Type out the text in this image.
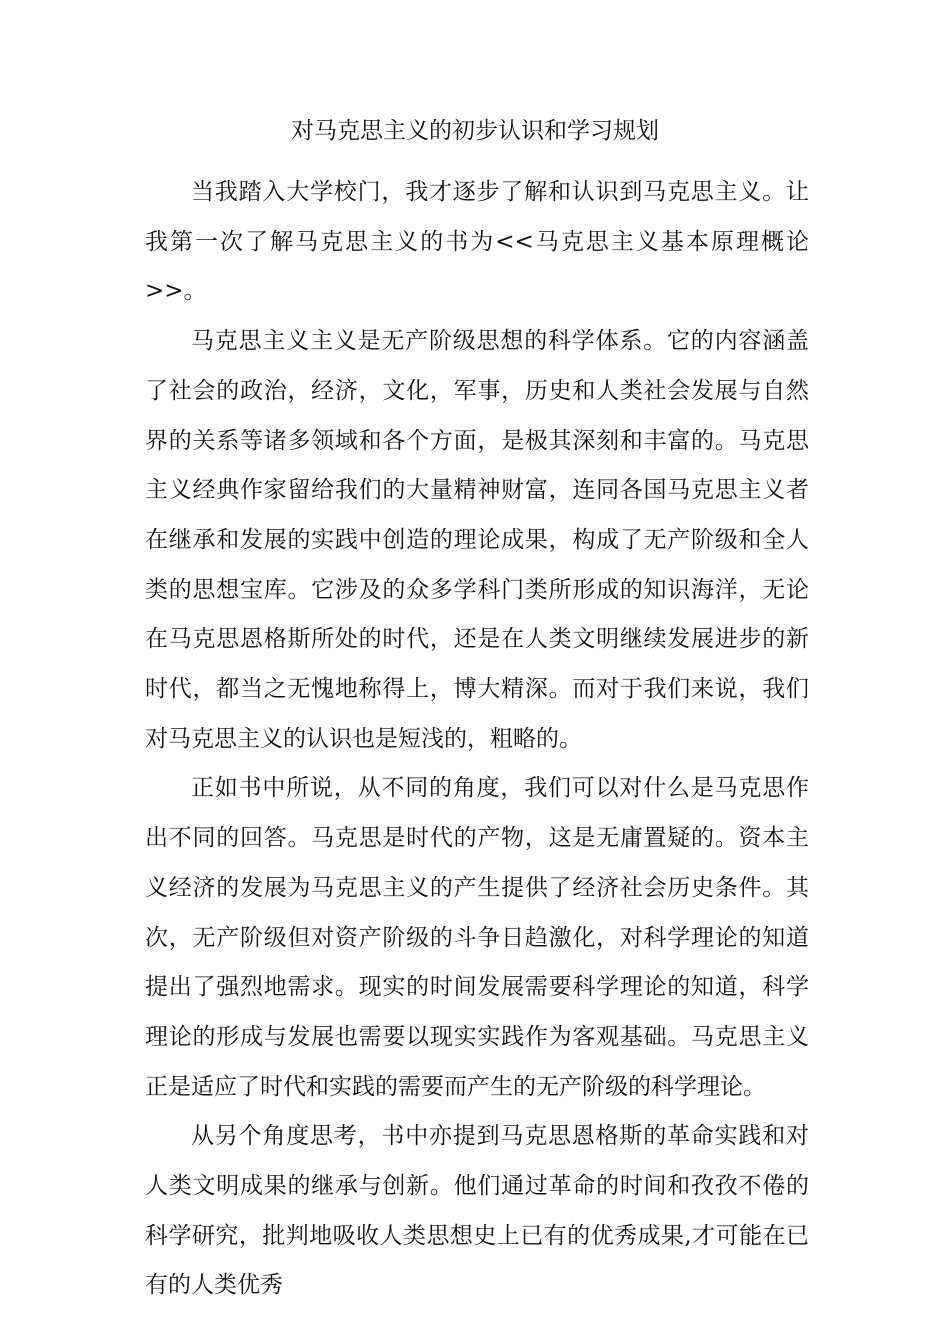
对马克思主义的初步认识和学习规划

当我踏入大学校门，我才逐步了解和认识到马克思主义。让我第一次了解马克思主义的书为<<马克思主义基本原理概论>>。

马克思主义主义是无产阶级思想的科学体系。它的内容涵盖了社会的政治，经济，文化，军事，历史和人类社会发展与自然界的关系等诸多领域和各个方面，是极其深刻和丰富的。马克思主义经典作家留给我们的大量精神财富，连同各国马克思主义者在继承和发展的实践中创造的理论成果，构成了无产阶级和全人类的思想宝库。它涉及的众多学科门类所形成的知识海洋，无论在马克思恩格斯所处的时代，还是在人类文明继续发展进步的新时代，都当之无愧地称得上，博大精深。而对于我们来说，我们对马克思主义的认识也是短浅的，粗略的。

正如书中所说，从不同的角度，我们可以对什么是马克思作出不同的回答。马克思是时代的产物，这是无庸置疑的。资本主义经济的发展为马克思主义的产生提供了经济社会历史条件。其次，无产阶级但对资产阶级的斗争日趋激化，对科学理论的知道提出了强烈地需求。现实的时间发展需要科学理论的知道，科学理论的形成与发展也需要以现实实践作为客观基础。马克思主义正是适应了时代和实践的需要而产生的无产阶级的科学理论。

从另个角度思考，书中亦提到马克思恩格斯的革命实践和对人类文明成果的继承与创新。他们通过革命的时间和孜孜不倦的科学研究，批判地吸收人类思想史上已有的优秀成果,才可能在已有的人类优秀
